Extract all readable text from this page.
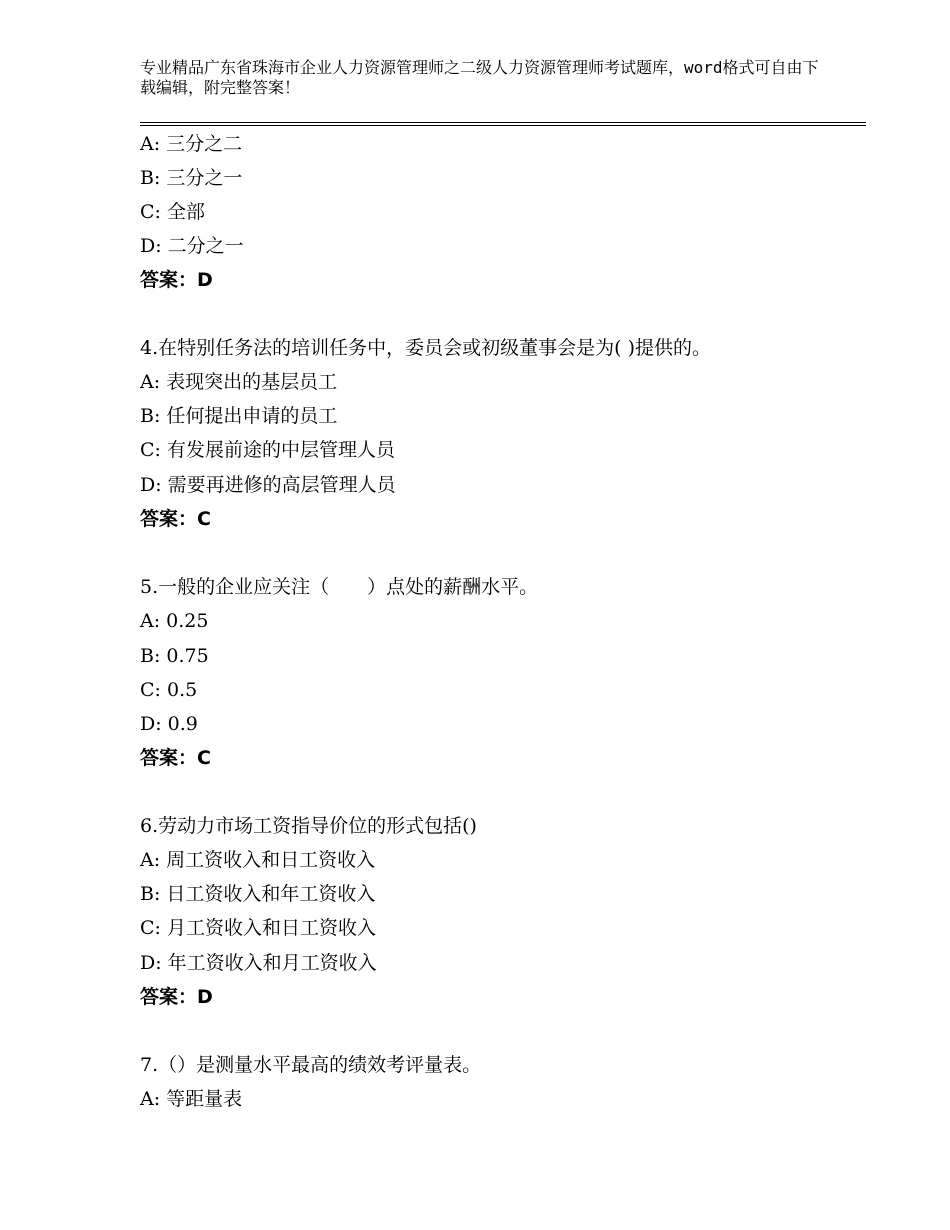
专业精品广东省珠海市企业人力资源管理师之二级人力资源管理师考试题库，word格式可自由下载编辑，附完整答案！
A: 三分之二
B: 三分之一
C: 全部
D: 二分之一
答案：D
4.在特别任务法的培训任务中，委员会或初级董事会是为( )提供的。
A: 表现突出的基层员工
B: 任何提出申请的员工
C: 有发展前途的中层管理人员
D: 需要再进修的高层管理人员
答案：C
5.一般的企业应关注（　　）点处的薪酬水平。
A: 0.25
B: 0.75
C: 0.5
D: 0.9
答案：C
6.劳动力市场工资指导价位的形式包括()
A: 周工资收入和日工资收入
B: 日工资收入和年工资收入
C: 月工资收入和日工资收入
D: 年工资收入和月工资收入
答案：D
7.（）是测量水平最高的绩效考评量表。
A: 等距量表
